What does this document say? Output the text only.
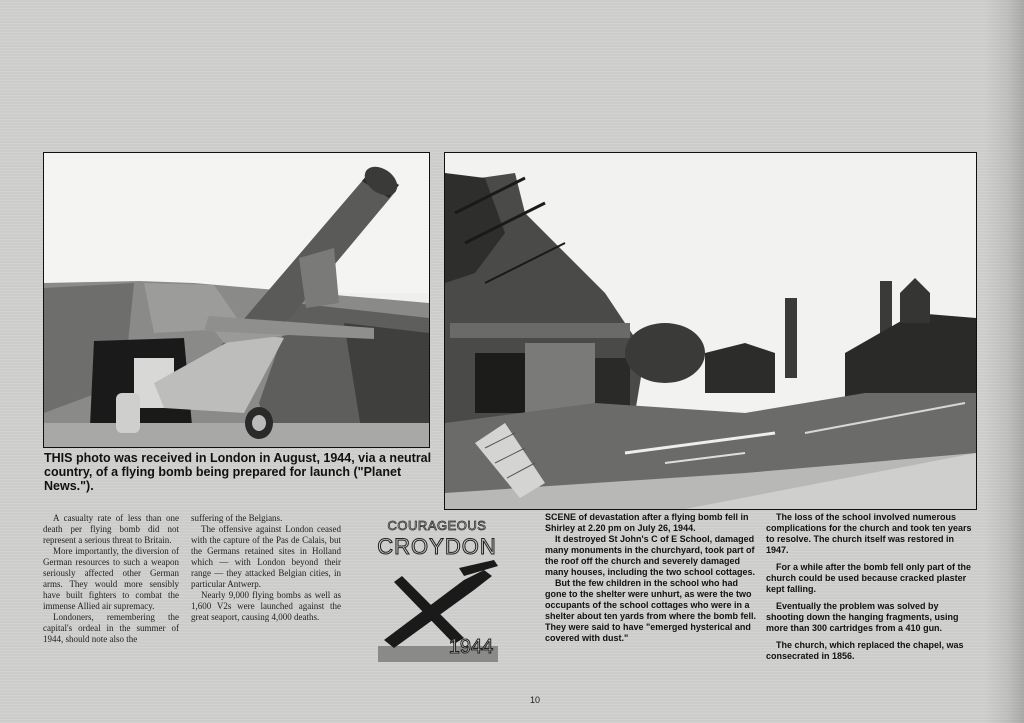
THIS photo was received in London in August, 1944, via a neutral country, of a flying bomb being prepared for launch ("Planet News.").

A casualty rate of less than one death per flying bomb did not represent a serious threat to Britain.

More importantly, the diversion of German resources to such a weapon seriously affected other German arms. They would more sensibly have built fighters to combat the immense Allied air supremacy.

Londoners, remembering the capital's ordeal in the summer of 1944, should note also the

suffering of the Belgians.

The offensive against London ceased with the capture of the Pas de Calais, but the Germans retained sites in Holland which — with London beyond their range — they attacked Belgian cities, in particular Antwerp.

Nearly 9,000 flying bombs as well as 1,600 V2s were launched against the great seaport, causing 4,000 deaths.

COURAGEOUS
CROYDON
1944

SCENE of devastation after a flying bomb fell in Shirley at 2.20 pm on July 26, 1944.

It destroyed St John's C of E School, damaged many monuments in the churchyard, took part of the roof off the church and severely damaged many houses, including the two school cottages.

But the few children in the school who had gone to the shelter were unhurt, as were the two occupants of the school cottages who were in a shelter about ten yards from where the bomb fell. They were said to have "emerged hysterical and covered with dust."

The loss of the school involved numerous complications for the church and took ten years to resolve. The church itself was restored in 1947.

For a while after the bomb fell only part of the church could be used because cracked plaster kept falling.

Eventually the problem was solved by shooting down the hanging fragments, using more than 300 cartridges from a 410 gun.

The church, which replaced the chapel, was consecrated in 1856.

10
